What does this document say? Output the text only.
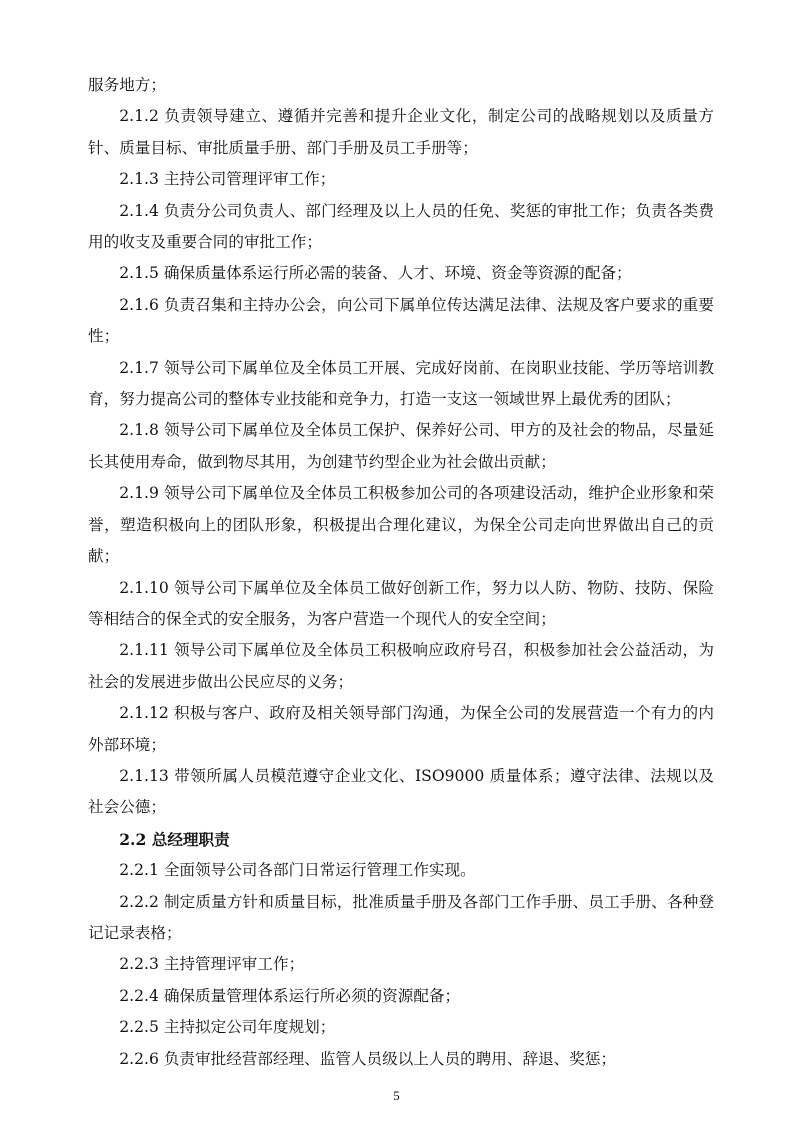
服务地方；

2.1.2 负责领导建立、遵循并完善和提升企业文化，制定公司的战略规划以及质量方针、质量目标、审批质量手册、部门手册及员工手册等；

2.1.3 主持公司管理评审工作；

2.1.4 负责分公司负责人、部门经理及以上人员的任免、奖惩的审批工作；负责各类费用的收支及重要合同的审批工作；

2.1.5 确保质量体系运行所必需的装备、人才、环境、资金等资源的配备；

2.1.6 负责召集和主持办公会，向公司下属单位传达满足法律、法规及客户要求的重要性；

2.1.7 领导公司下属单位及全体员工开展、完成好岗前、在岗职业技能、学历等培训教育，努力提高公司的整体专业技能和竞争力，打造一支这一领域世界上最优秀的团队；

2.1.8 领导公司下属单位及全体员工保护、保养好公司、甲方的及社会的物品，尽量延长其使用寿命，做到物尽其用，为创建节约型企业为社会做出贡献；

2.1.9 领导公司下属单位及全体员工积极参加公司的各项建设活动，维护企业形象和荣誉，塑造积极向上的团队形象，积极提出合理化建议，为保全公司走向世界做出自己的贡献；

2.1.10 领导公司下属单位及全体员工做好创新工作，努力以人防、物防、技防、保险等相结合的保全式的安全服务，为客户营造一个现代人的安全空间；

2.1.11 领导公司下属单位及全体员工积极响应政府号召，积极参加社会公益活动，为社会的发展进步做出公民应尽的义务；

2.1.12 积极与客户、政府及相关领导部门沟通，为保全公司的发展营造一个有力的内外部环境；

2.1.13 带领所属人员模范遵守企业文化、ISO9000 质量体系；遵守法律、法规以及社会公德；

2.2 总经理职责

2.2.1 全面领导公司各部门日常运行管理工作实现。

2.2.2 制定质量方针和质量目标，批准质量手册及各部门工作手册、员工手册、各种登记记录表格；

2.2.3 主持管理评审工作；

2.2.4 确保质量管理体系运行所必须的资源配备；

2.2.5 主持拟定公司年度规划；

2.2.6 负责审批经营部经理、监管人员级以上人员的聘用、辞退、奖惩；

5
